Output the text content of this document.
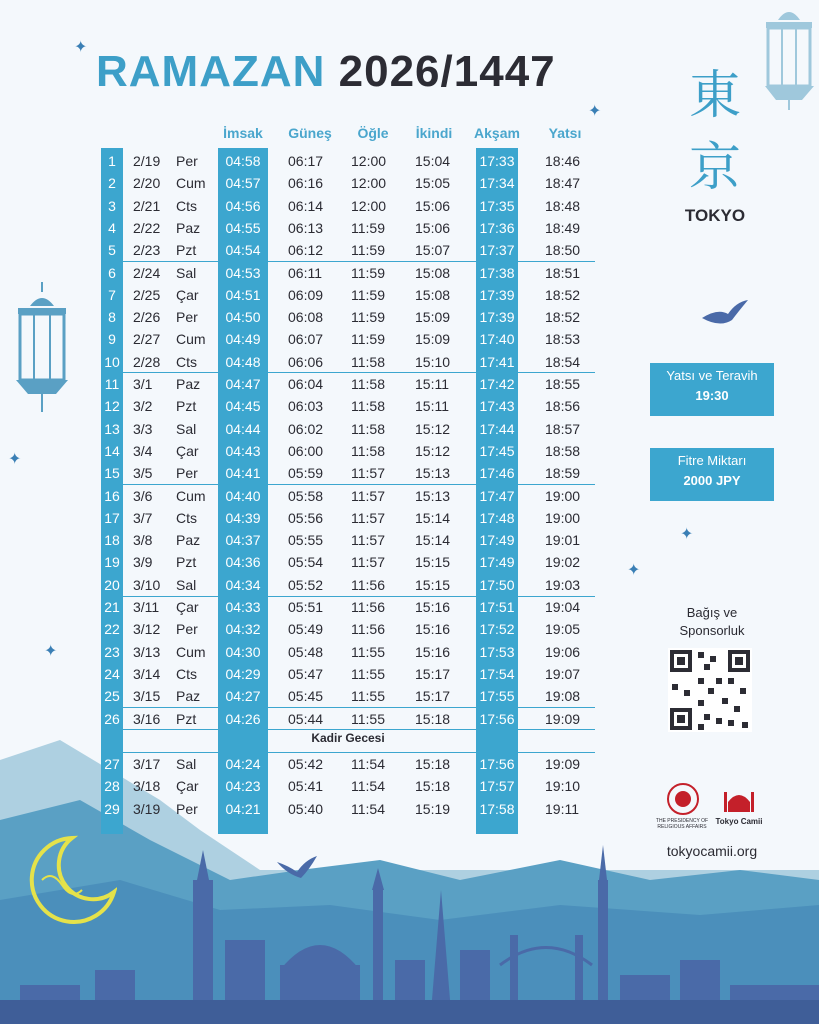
✦
✦
✦
✦
✦
✦
RAMAZAN 2026/1447	東京
TOKYO
İmsak	Güneş	Öğle	İkindi	Akşam	Yatsı
1	2/19 Per	04:58	06:17 12:00 15:04 17:33 18:46
2	2/20 Cum	04:57	06:16 12:00 15:05 17:34 18:47
3	2/21 Cts	04:56	06:14 12:00 15:06 17:35 18:48
4	2/22 Paz	04:55	06:13 11:59 15:06 17:36 18:49
5	2/23 Pzt	04:54	06:12 11:59 15:07 17:37 18:50
6	2/24 Sal	04:53	06:11 11:59 15:08 17:38 18:51
7	2/25 Çar	04:51	06:09 11:59 15:08 17:39 18:52
8	2/26 Per	04:50	06:08 11:59 15:09 17:39 18:52
9	2/27 Cum	04:49	06:07 11:59 15:09 17:40 18:53
10 2/28 Cts	04:48	06:06 11:58 15:10 17:41 18:54
11 3/1 Paz	04:47	06:04 11:58 15:11 17:42 18:55
12 3/2 Pzt	04:45	06:03 11:58 15:11 17:43 18:56
13 3/3 Sal	04:44	06:02 11:58 15:12 17:44 18:57
14 3/4 Çar	04:43	06:00 11:58 15:12 17:45 18:58
15 3/5 Per	04:41	05:59 11:57 15:13 17:46 18:59
16 3/6 Cum	04:40	05:58 11:57 15:13 17:47 19:00
17 3/7 Cts	04:39	05:56 11:57 15:14 17:48 19:00
18 3/8 Paz	04:37	05:55 11:57 15:14 17:49 19:01
19 3/9 Pzt	04:36	05:54 11:57 15:15 17:49 19:02
20 3/10 Sal	04:34	05:52 11:56 15:15 17:50 19:03
21 3/11 Çar	04:33	05:51 11:56 15:16 17:51 19:04
22 3/12 Per	04:32	05:49 11:56 15:16 17:52 19:05
23 3/13 Cum	04:30	05:48 11:55 15:16 17:53 19:06
24 3/14 Cts	04:29	05:47 11:55 15:17 17:54 19:07
25 3/15 Paz	04:27	05:45 11:55 15:17 17:55 19:08
26 3/16 Pzt	04:26	05:44 11:55 15:18 17:56 19:09
27 3/17 Sal	04:24	05:42 11:54 15:18 17:56 19:09
28 3/18 Çar	04:23	05:41 11:54 15:18 17:57 19:10
29 3/19 Per	04:21	05:40 11:54 15:19 17:58 19:11
Kadir Gecesi
Yatsı ve Teravih
19:30
Fitre Miktarı
2000 JPY
Bağış ve
Sponsorluk
THE PRESIDENCY OF
RELIGIOUS AFFAIRS
Tokyo Camii
tokyocamii.org
